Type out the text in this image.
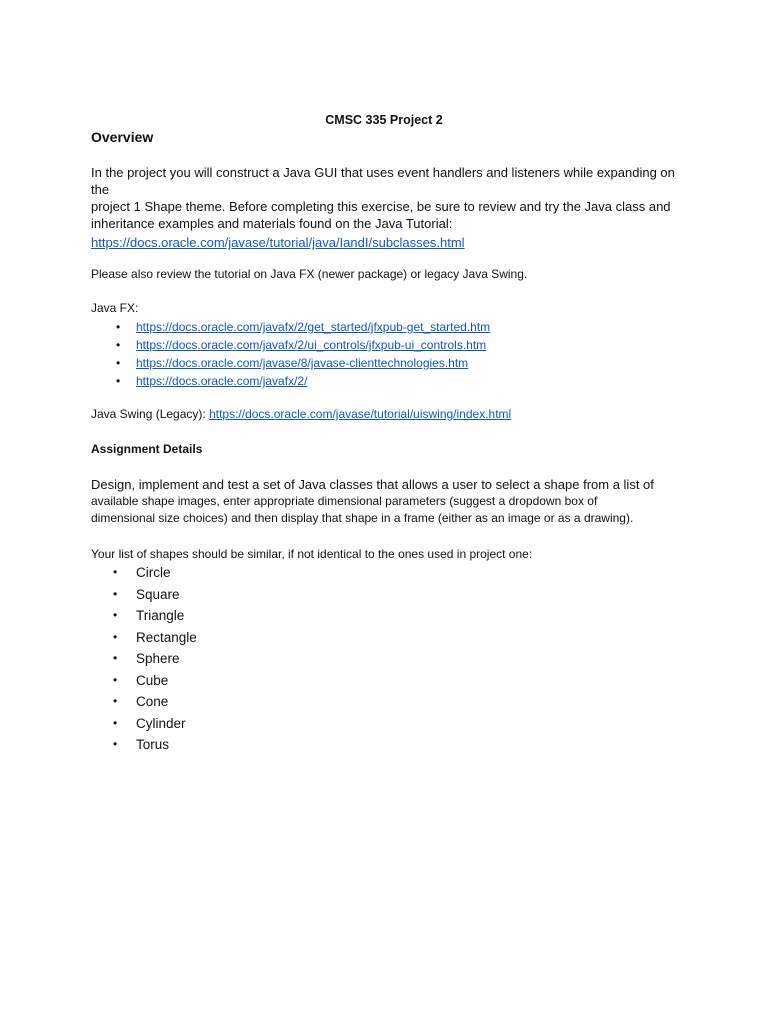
CMSC 335 Project 2
Overview
In the project you will construct a Java GUI that uses event handlers and listeners while expanding on the
project 1 Shape theme. Before completing this exercise, be sure to review and try the Java class and
inheritance examples and materials found on the Java Tutorial:
https://docs.oracle.com/javase/tutorial/java/IandI/subclasses.html
Please also review the tutorial on Java FX (newer package) or legacy Java Swing.
Java FX:
• https://docs.oracle.com/javafx/2/get_started/jfxpub-get_started.htm
• https://docs.oracle.com/javafx/2/ui_controls/jfxpub-ui_controls.htm
• https://docs.oracle.com/javase/8/javase-clienttechnologies.htm
• https://docs.oracle.com/javafx/2/
Java Swing (Legacy): https://docs.oracle.com/javase/tutorial/uiswing/index.html
Assignment Details
Design, implement and test a set of Java classes that allows a user to select a shape from a list of
available shape images, enter appropriate dimensional parameters (suggest a dropdown box of
dimensional size choices) and then display that shape in a frame (either as an image or as a drawing).
Your list of shapes should be similar, if not identical to the ones used in project one:
• Circle
• Square
• Triangle
• Rectangle
• Sphere
• Cube
• Cone
• Cylinder
• Torus
